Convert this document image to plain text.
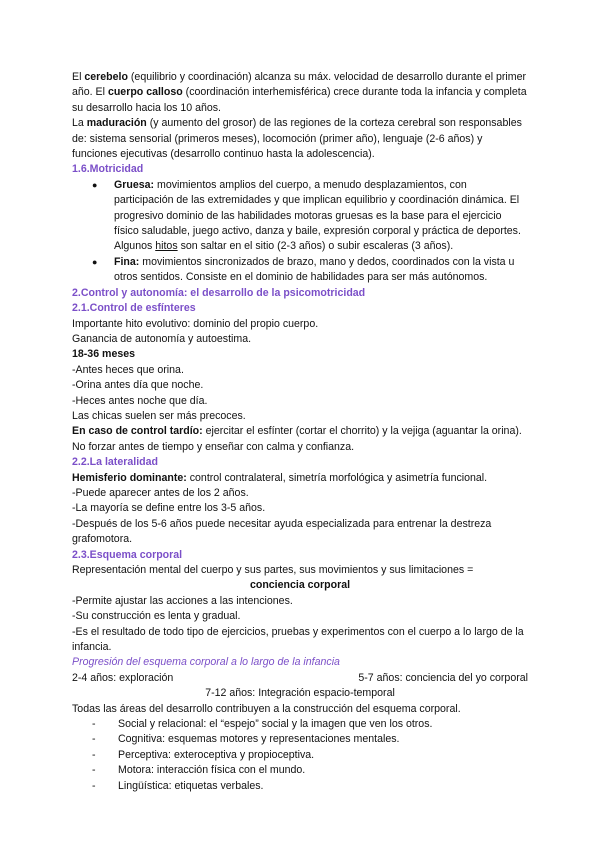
El cerebelo (equilibrio y coordinación) alcanza su máx. velocidad de desarrollo durante el primer año. El cuerpo calloso (coordinación interhemisférica) crece durante toda la infancia y completa su desarrollo hacia los 10 años.

La maduración (y aumento del grosor) de las regiones de la corteza cerebral son responsables de: sistema sensorial (primeros meses), locomoción (primer año), lenguaje (2-6 años) y funciones ejecutivas (desarrollo continuo hasta la adolescencia).

1.6.Motricidad

● Gruesa: movimientos amplios del cuerpo, a menudo desplazamientos, con participación de las extremidades y que implican equilibrio y coordinación dinámica. El progresivo dominio de las habilidades motoras gruesas es la base para el ejercicio físico saludable, juego activo, danza y baile, expresión corporal y práctica de deportes. Algunos hitos son saltar en el sitio (2-3 años) o subir escaleras (3 años).
● Fina: movimientos sincronizados de brazo, mano y dedos, coordinados con la vista u otros sentidos. Consiste en el dominio de habilidades para ser más autónomos.

2.Control y autonomía: el desarrollo de la psicomotricidad

2.1.Control de esfínteres

Importante hito evolutivo: dominio del propio cuerpo.

Ganancia de autonomía y autoestima.

18-36 meses

-Antes heces que orina.

-Orina antes día que noche.

-Heces antes noche que día.

Las chicas suelen ser más precoces.

En caso de control tardío: ejercitar el esfínter (cortar el chorrito) y la vejiga (aguantar la orina). No forzar antes de tiempo y enseñar con calma y confianza.

2.2.La lateralidad

Hemisferio dominante: control contralateral, simetría morfológica y asimetría funcional.

-Puede aparecer antes de los 2 años.

-La mayoría se define entre los 3-5 años.

-Después de los 5-6 años puede necesitar ayuda especializada para entrenar la destreza grafomotora.

2.3.Esquema corporal

Representación mental del cuerpo y sus partes, sus movimientos y sus limitaciones =

conciencia corporal

-Permite ajustar las acciones a las intenciones.

-Su construcción es lenta y gradual.

-Es el resultado de todo tipo de ejercicios, pruebas y experimentos con el cuerpo a lo largo de la infancia.

Progresión del esquema corporal a lo largo de la infancia

2-4 años: exploración	5-7 años: conciencia del yo corporal

7-12 años: Integración espacio-temporal

Todas las áreas del desarrollo contribuyen a la construcción del esquema corporal.

- Social y relacional: el “espejo” social y la imagen que ven los otros.
- Cognitiva: esquemas motores y representaciones mentales.
- Perceptiva: exteroceptiva y propioceptiva.
- Motora: interacción física con el mundo.
- Lingüística: etiquetas verbales.
